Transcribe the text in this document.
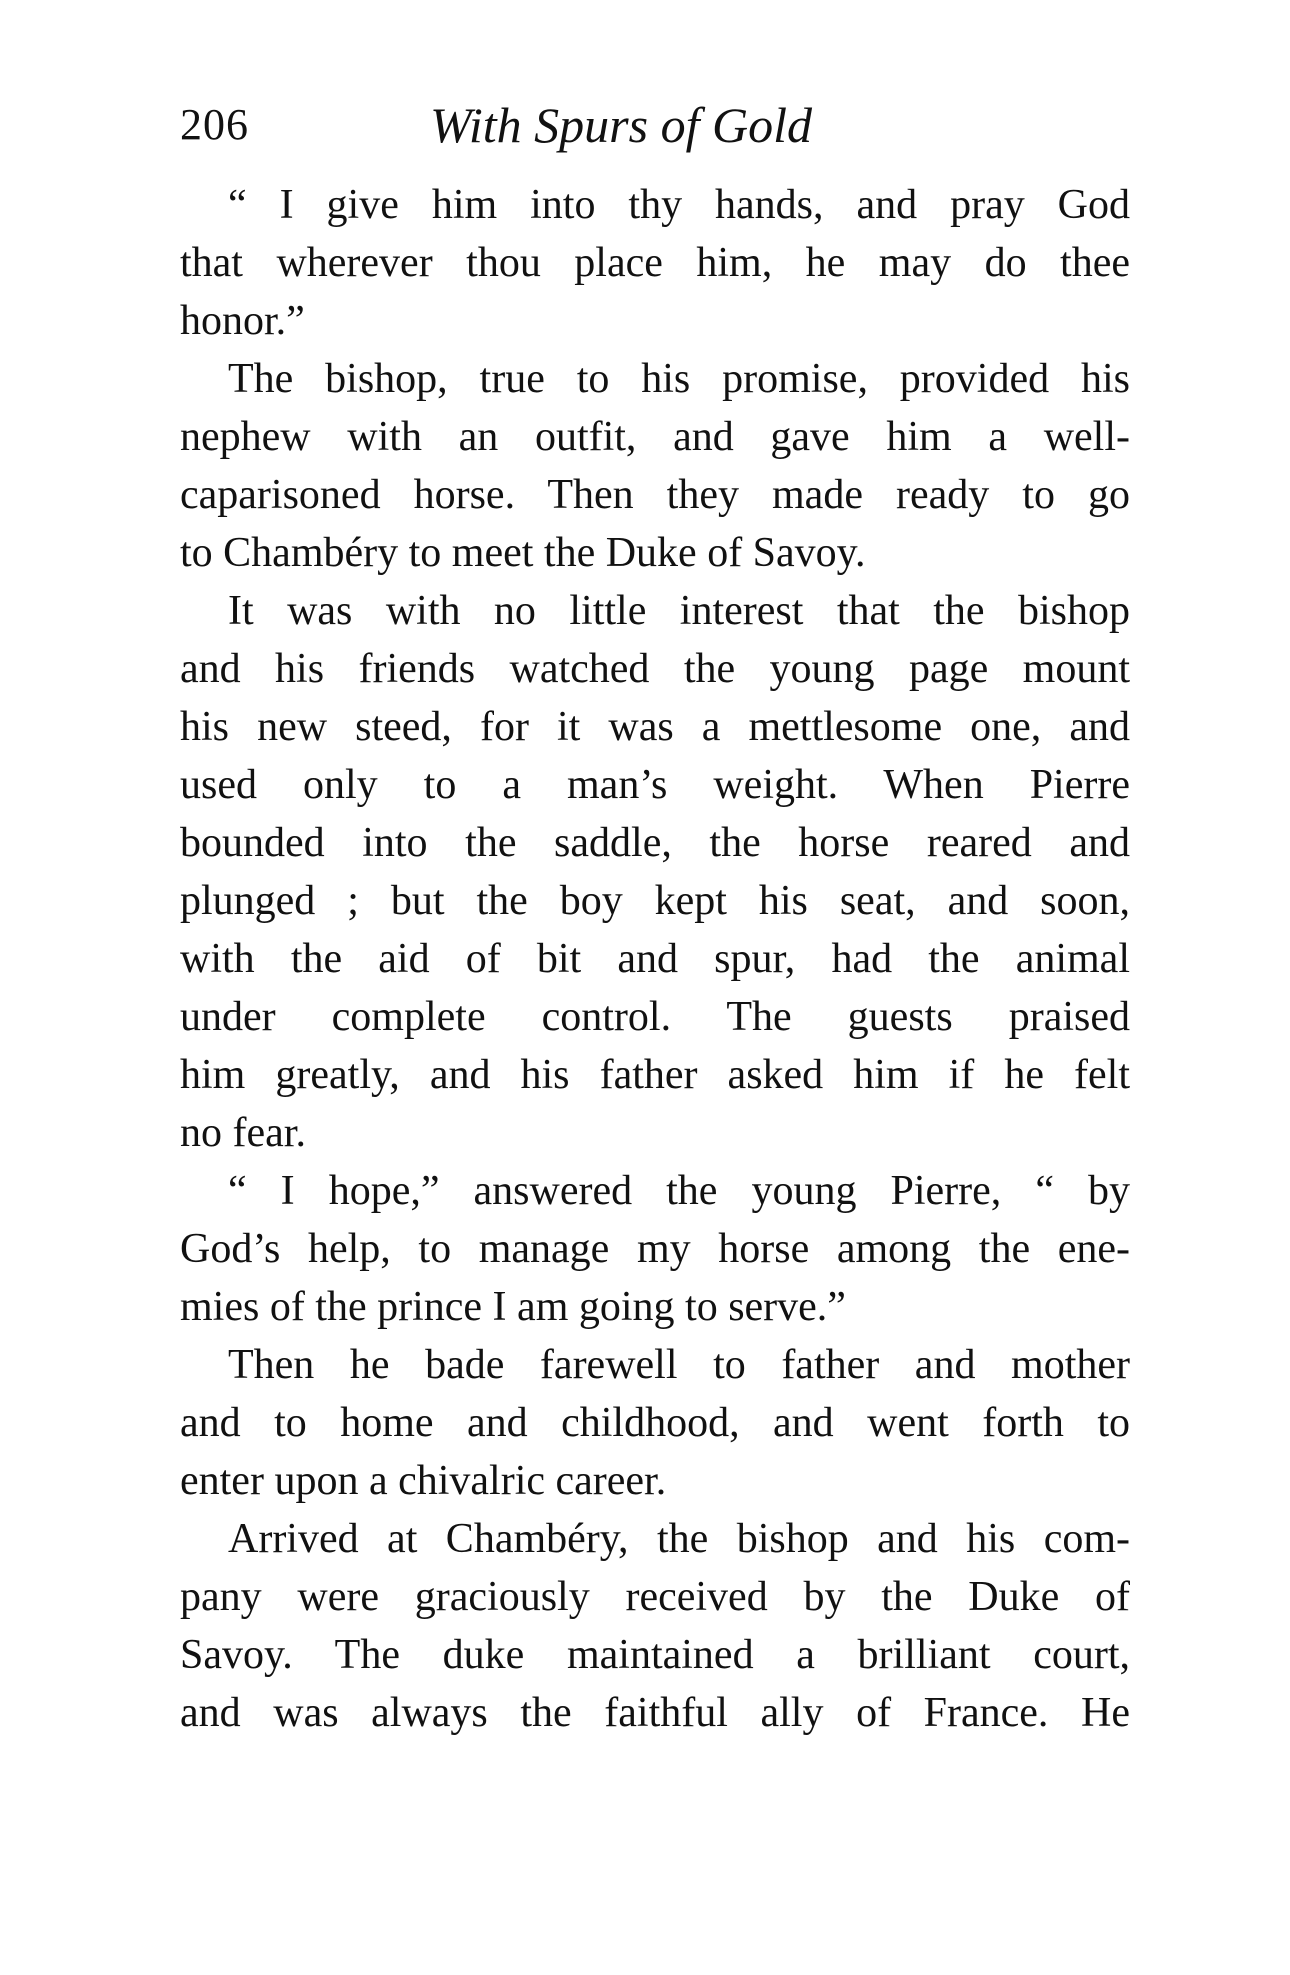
206	With Spurs of Gold
“ I give him into thy hands, and pray God
that wherever thou place him, he may do thee
honor.”
The bishop, true to his promise, provided his
nephew with an outfit, and gave him a well-
caparisoned horse. Then they made ready to go
to Chambéry to meet the Duke of Savoy.
It was with no little interest that the bishop
and his friends watched the young page mount
his new steed, for it was a mettlesome one, and
used only to a man’s weight. When Pierre
bounded into the saddle, the horse reared and
plunged ; but the boy kept his seat, and soon,
with the aid of bit and spur, had the animal
under complete control. The guests praised
him greatly, and his father asked him if he felt
no fear.
“ I hope,” answered the young Pierre, “ by
God’s help, to manage my horse among the ene-
mies of the prince I am going to serve.”
Then he bade farewell to father and mother
and to home and childhood, and went forth to
enter upon a chivalric career.
Arrived at Chambéry, the bishop and his com-
pany were graciously received by the Duke of
Savoy. The duke maintained a brilliant court,
and was always the faithful ally of France. He
